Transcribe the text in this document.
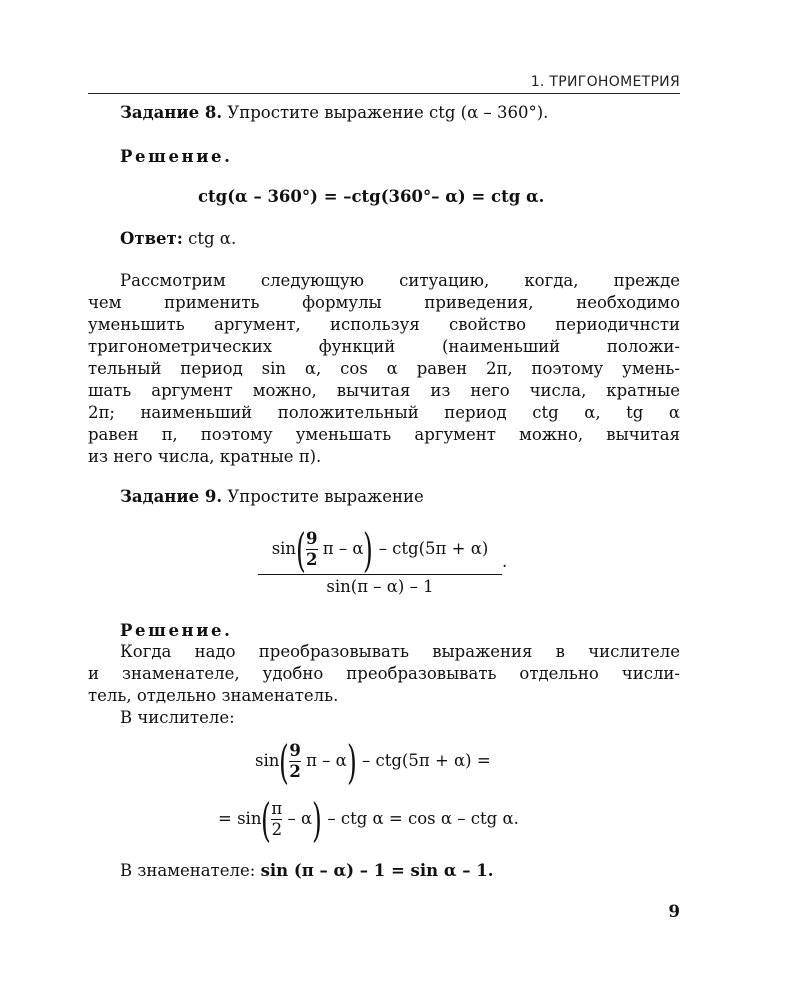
1. ТРИГОНОМЕТРИЯ
Задание 8. Упростите выражение ctg (α – 360°).
Решение.
ctg(α – 360°) = –ctg(360°– α) = ctg α.
Ответ: ctg α.
Рассмотрим следующую ситуацию, когда, прежде
чем применить формулы приведения, необходимо
уменьшить аргумент, используя свойство периодичнсти
тригонометрических функций (наименьший положи-
тельный период sin α, cos α равен 2π, поэтому умень-
шать аргумент можно, вычитая из него числа, кратные
2π; наименьший положительный период ctg α, tg α
равен π, поэтому уменьшать аргумент можно, вычитая
из него числа, кратные π).
Задание 9. Упростите выражение
$\sin( \frac{9}{2}$ π – α) – ctg(5π + α)
sin(π – α) – 1
.
Решение.
Когда надо преобразовывать выражения в числителе
и знаменателе, удобно преобразовывать отдельно числи-
тель, отдельно знаменатель.
В числителе:
$\sin( \frac{9}{2}$ π – α) – ctg(5π + α) =
= $\sin( \frac{\pi}{2} - \alpha)$ – ctg α = cos α – ctg α.
В знаменателе: sin (π – α) – 1 = sin α – 1.
9
